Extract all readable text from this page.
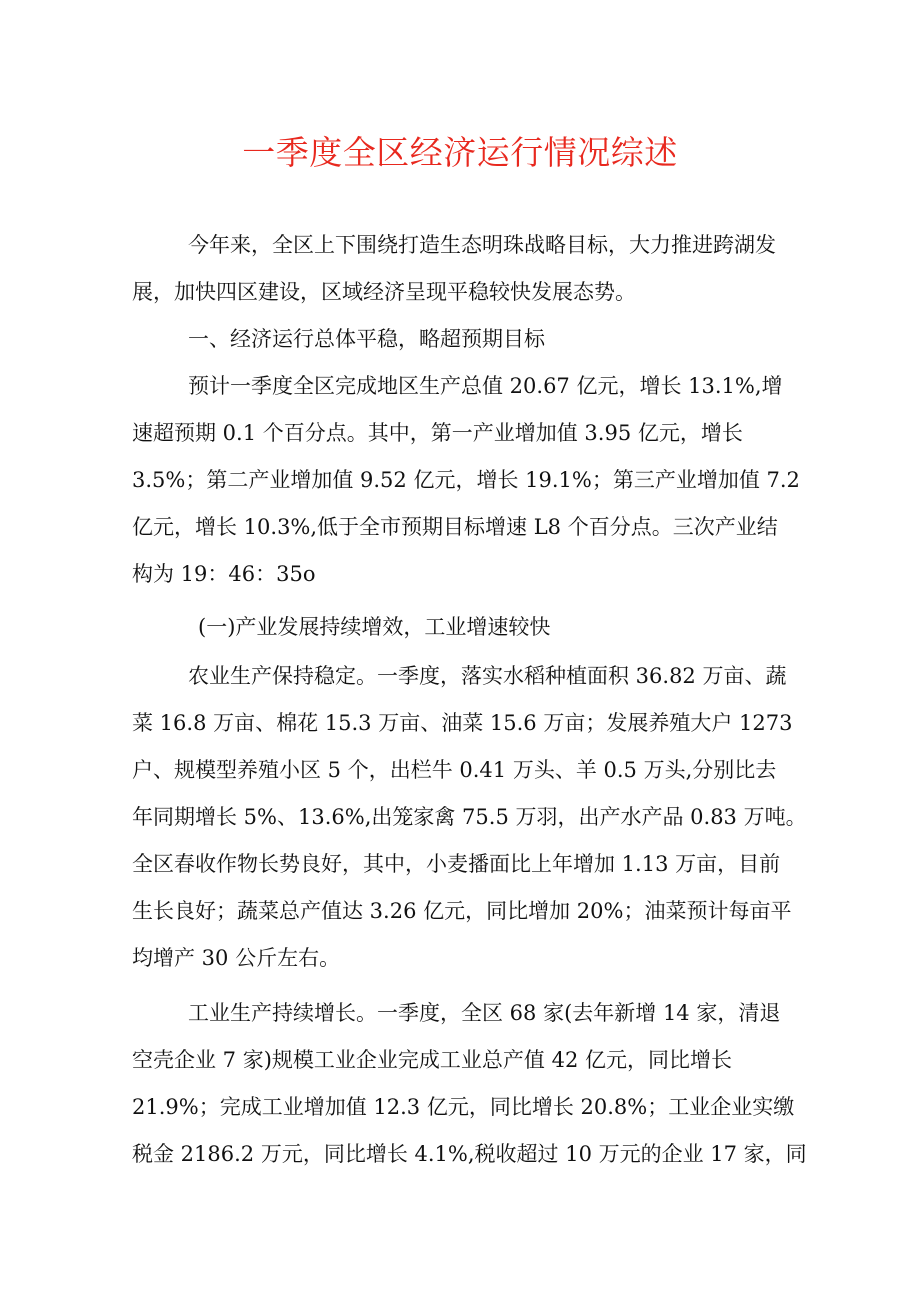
一季度全区经济运行情况综述
今年来，全区上下围绕打造生态明珠战略目标，大力推进跨湖发
展，加快四区建设，区域经济呈现平稳较快发展态势。
一、经济运行总体平稳，略超预期目标
预计一季度全区完成地区生产总值 20.67 亿元，增长 13.1%,增
速超预期 0.1 个百分点。其中，第一产业增加值 3.95 亿元，增长
3.5%；第二产业增加值 9.52 亿元，增长 19.1%；第三产业增加值 7.2
亿元，增长 10.3%,低于全市预期目标增速 L8 个百分点。三次产业结
构为 19：46：35o
(一)产业发展持续增效，工业增速较快
农业生产保持稳定。一季度，落实水稻种植面积 36.82 万亩、蔬
菜 16.8 万亩、棉花 15.3 万亩、油菜 15.6 万亩；发展养殖大户 1273
户、规模型养殖小区 5 个，出栏牛 0.41 万头、羊 0.5 万头,分别比去
年同期增长 5%、13.6%,出笼家禽 75.5 万羽，出产水产品 0.83 万吨。
全区春收作物长势良好，其中，小麦播面比上年增加 1.13 万亩，目前
生长良好；蔬菜总产值达 3.26 亿元，同比增加 20%；油菜预计每亩平
均增产 30 公斤左右。
工业生产持续增长。一季度，全区 68 家(去年新增 14 家，清退
空壳企业 7 家)规模工业企业完成工业总产值 42 亿元，同比增长
21.9%；完成工业增加值 12.3 亿元，同比增长 20.8%；工业企业实缴
税金 2186.2 万元，同比增长 4.1%,税收超过 10 万元的企业 17 家，同
